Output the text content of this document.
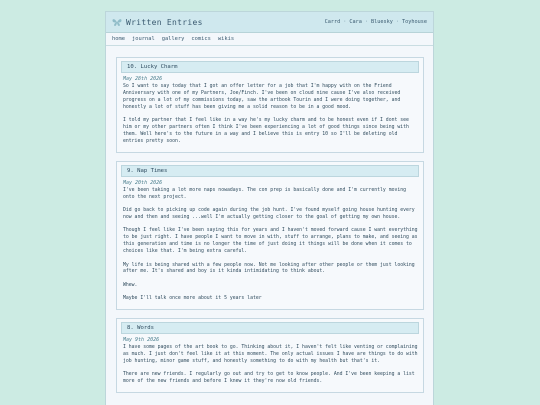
Written Entries	Carrd · Cara · Bluesky · Toyhouse
home journal gallery comics wikis
10. Lucky Charm
May 28th 2026

So I want to say today that I got an offer letter for a job that I'm happy with on the Friend Anniversary with one of my Partners, Joe/Finch. I've been on cloud nine cause I've also received progress on a lot of my commissions today, saw the artbook Tourin and I were doing together, and honestly a lot of stuff has been giving me a solid reason to be in a good mood.

I told my partner that I feel like in a way he's my lucky charm and to be honest even if I dont see him or my other partners often I think I've been experiencing a lot of good things since being with them. Well here's to the future in a way and I believe this is entry 10 so I'll be deleting old entries pretty soon.

9. Nap Times
May 20th 2026

I've been taking a lot more naps nowadays. The con prep is basically done and I'm currently moving onto the next project.

Did go back to picking up code again during the job hunt. I've found myself going house hunting every now and then and seeing ...well I'm actually getting closer to the goal of getting my own house.

Though I feel like I've been saying this for years and I haven't moved forward cause I want everything to be just right. I have people I want to move in with, stuff to arrange, plans to make, and seeing as this generation and time is no longer the time of just doing it things will be done when it comes to choices like that. I'm being extra careful.

My life is being shared with a few people now. Not me looking after other people or them just looking after me. It's shared and boy is it kinda intimidating to think about.

Whew.

Maybe I'll talk once more about it 5 years later

8. Words
May 9th 2026

I have some pages of the art book to go. Thinking about it, I haven't felt like venting or complaining as much. I just don't feel like it at this moment. The only actual issues I have are things to do with job hunting, minor game stuff, and honestly something to do with my health but that's it.

There are new friends. I regularly go out and try to get to know people. And I've been keeping a list more of the new friends and before I knew it they're now old friends.
